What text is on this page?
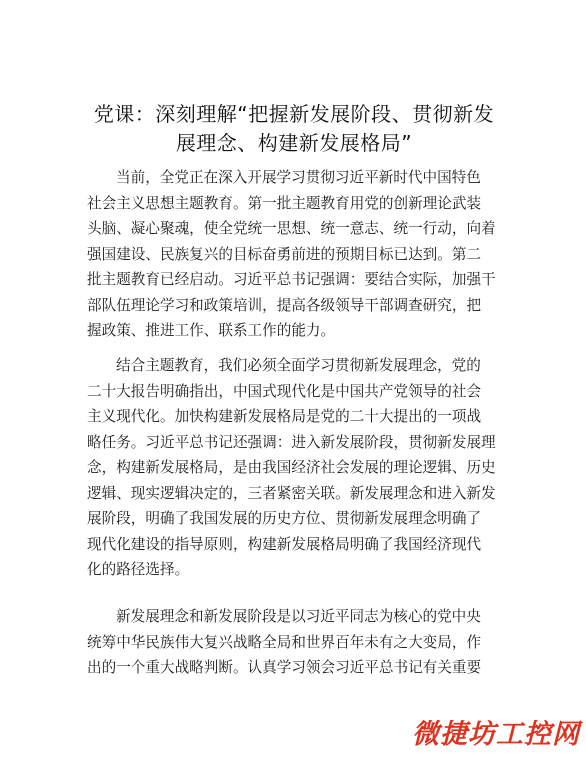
党课：深刻理解“把握新发展阶段、贯彻新发
展理念、构建新发展格局”
当前，全党正在深入开展学习贯彻习近平新时代中国特色
社会主义思想主题教育。第一批主题教育用党的创新理论武装
头脑、凝心聚魂，使全党统一思想、统一意志、统一行动，向着
强国建设、民族复兴的目标奋勇前进的预期目标已达到。第二
批主题教育已经启动。习近平总书记强调：要结合实际，加强干
部队伍理论学习和政策培训，提高各级领导干部调查研究，把
握政策、推进工作、联系工作的能力。
结合主题教育，我们必须全面学习贯彻新发展理念，党的
二十大报告明确指出，中国式现代化是中国共产党领导的社会
主义现代化。加快构建新发展格局是党的二十大提出的一项战
略任务。习近平总书记还强调：进入新发展阶段，贯彻新发展理
念，构建新发展格局，是由我国经济社会发展的理论逻辑、历史
逻辑、现实逻辑决定的，三者紧密关联。新发展理念和进入新发
展阶段，明确了我国发展的历史方位、贯彻新发展理念明确了
现代化建设的指导原则，构建新发展格局明确了我国经济现代
化的路径选择。
新发展理念和新发展阶段是以习近平同志为核心的党中央
统筹中华民族伟大复兴战略全局和世界百年未有之大变局，作
出的一个重大战略判断。认真学习领会习近平总书记有关重要
微捷坊工控网
